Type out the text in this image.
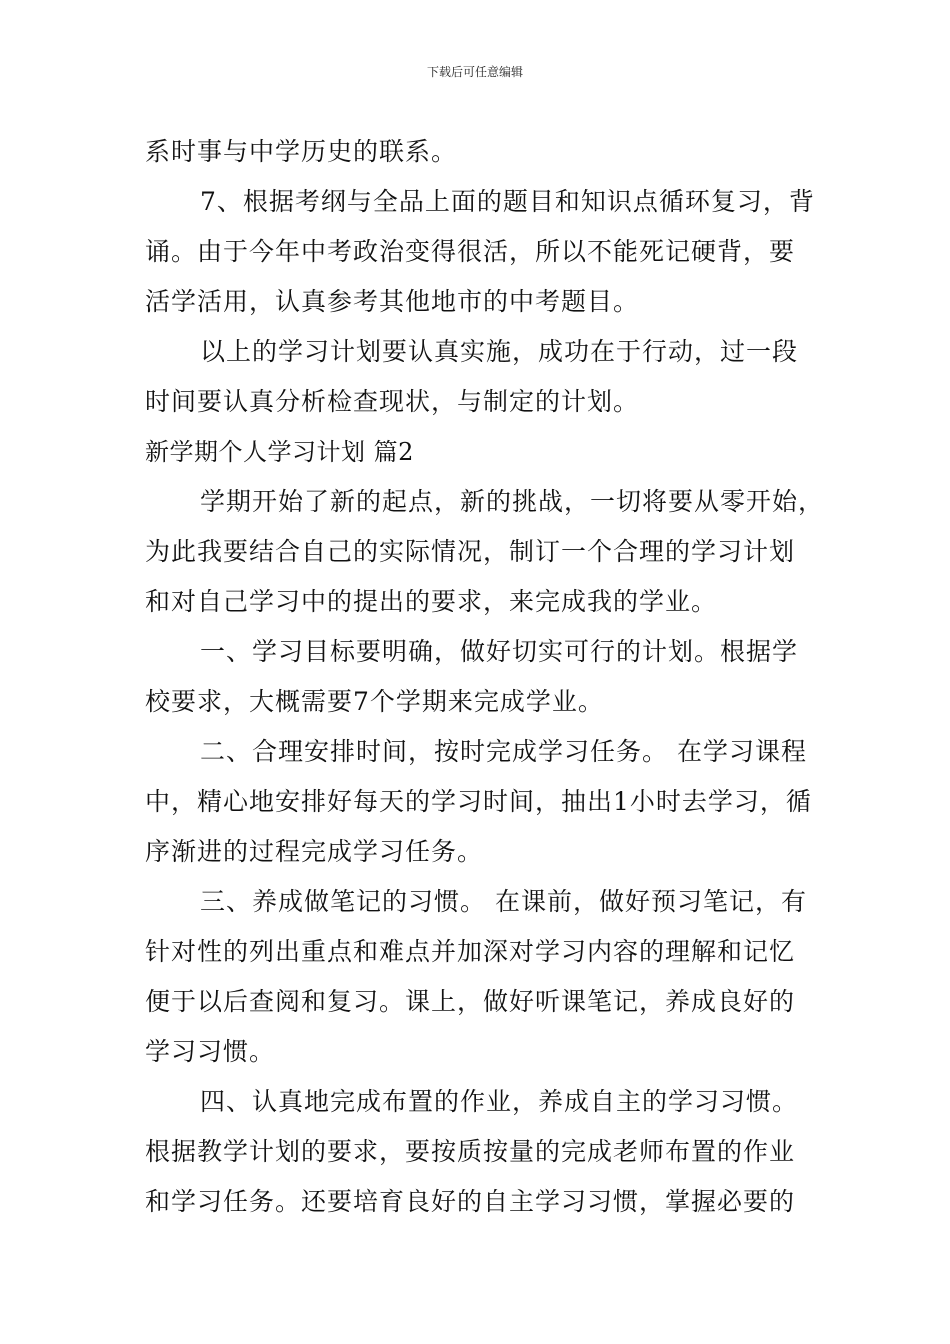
下载后可任意编辑
系时事与中学历史的联系。
7、根据考纲与全品上面的题目和知识点循环复习，背
诵。由于今年中考政治变得很活，所以不能死记硬背，要
活学活用，认真参考其他地市的中考题目。
以上的学习计划要认真实施，成功在于行动，过一段
时间要认真分析检查现状，与制定的计划。
新学期个人学习计划 篇2
学期开始了新的起点，新的挑战，一切将要从零开始，
为此我要结合自己的实际情况，制订一个合理的学习计划
和对自己学习中的提出的要求，来完成我的学业。
一、学习目标要明确，做好切实可行的计划。根据学
校要求，大概需要7个学期来完成学业。
二、合理安排时间，按时完成学习任务。 在学习课程
中，精心地安排好每天的学习时间，抽出1小时去学习，循
序渐进的过程完成学习任务。
三、养成做笔记的习惯。 在课前，做好预习笔记，有
针对性的列出重点和难点并加深对学习内容的理解和记忆
便于以后查阅和复习。课上，做好听课笔记，养成良好的
学习习惯。
四、认真地完成布置的作业，养成自主的学习习惯。
根据教学计划的要求，要按质按量的完成老师布置的作业
和学习任务。还要培育良好的自主学习习惯，掌握必要的
